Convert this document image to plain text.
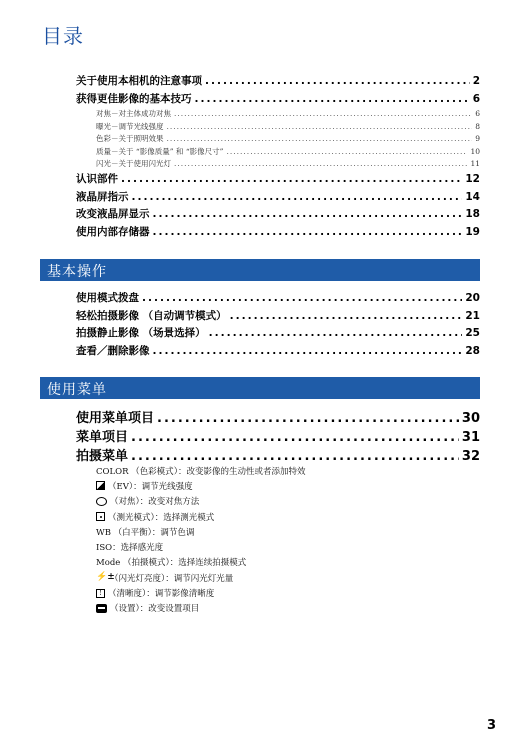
目录
关于使用本相机的注意事项 .....	2
获得更佳影像的基本技巧 .....	6
对焦－对主体成功对焦 .....	6
曝光－调节光线强度 .....	8
色彩－关于照明效果 .....	9
质量－关于 “影像质量” 和 “影像尺寸” .....	10
闪光－关于使用闪光灯 .....	11
认识部件 .....	12
液晶屏指示 .....	14
改变液晶屏显示 .....	18
使用内部存储器 .....	19
基本操作
使用模式拨盘 .....	20
轻松拍摄影像 （自动调节模式） .....	21
拍摄静止影像 （场景选择） .....	25
查看／删除影像 .....	28
使用菜单
使用菜单项目 .....	30
菜单项目 .....	31
拍摄菜单 .....	32
COLOR （色彩模式）：改变影像的生动性或者添加特效
（EV）：调节光线强度
（对焦）：改变对焦方法
（测光模式）：选择测光模式
WB （白平衡）：调节色调
ISO：选择感光度
Mode （拍摄模式）：选择连续拍摄模式
⚡±
（闪光灯亮度）：调节闪光灯光量
! （清晰度）：调节影像清晰度
（设置）：改变设置项目
3
